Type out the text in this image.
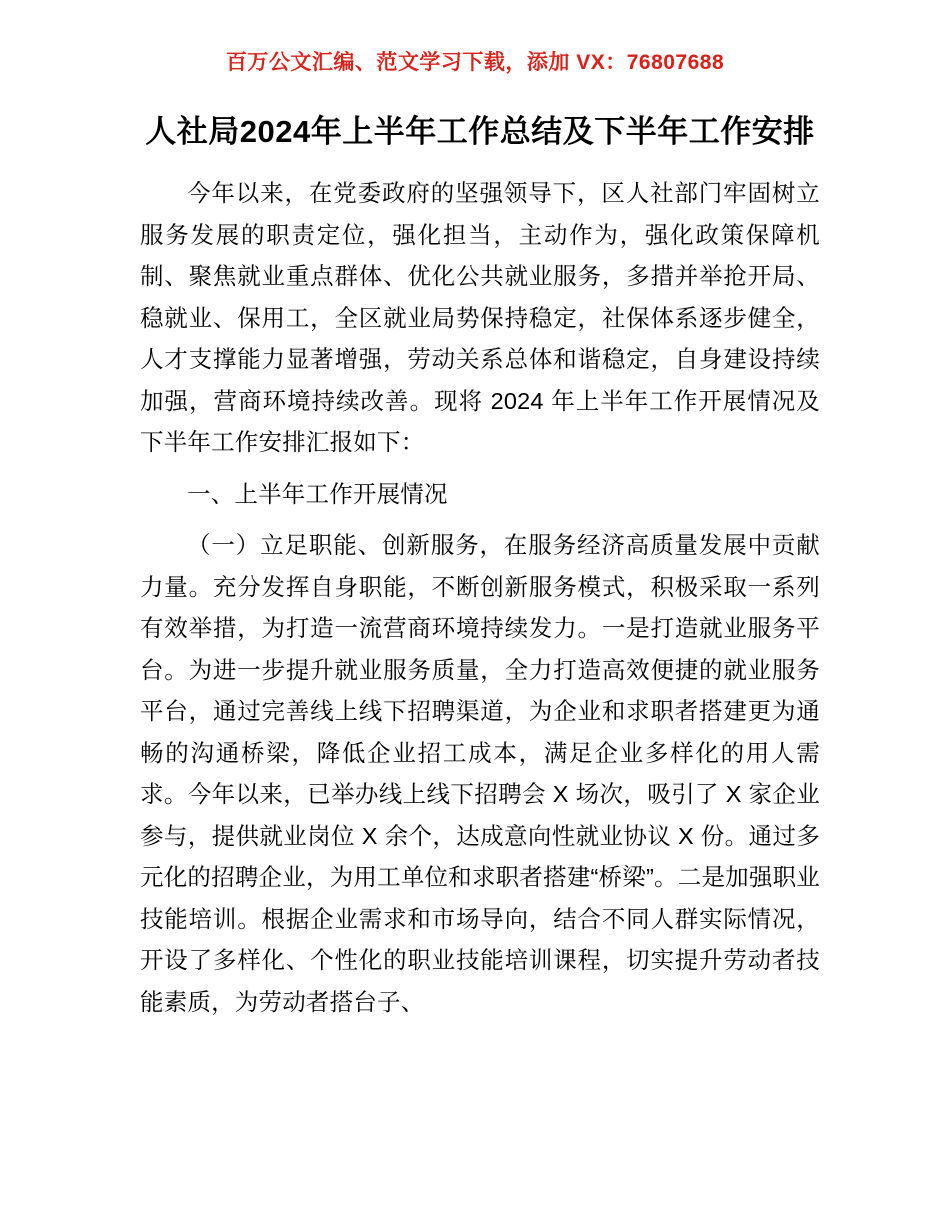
百万公文汇编、范文学习下载，添加 VX：76807688
人社局2024年上半年工作总结及下半年工作安排

今年以来，在党委政府的坚强领导下，区人社部门牢固树立服务发展的职责定位，强化担当，主动作为，强化政策保障机制、聚焦就业重点群体、优化公共就业服务，多措并举抢开局、稳就业、保用工，全区就业局势保持稳定，社保体系逐步健全，人才支撑能力显著增强，劳动关系总体和谐稳定，自身建设持续加强，营商环境持续改善。现将 2024 年上半年工作开展情况及下半年工作安排汇报如下：

一、上半年工作开展情况

（一）立足职能、创新服务，在服务经济高质量发展中贡献力量。充分发挥自身职能，不断创新服务模式，积极采取一系列有效举措，为打造一流营商环境持续发力。一是打造就业服务平台。为进一步提升就业服务质量，全力打造高效便捷的就业服务平台，通过完善线上线下招聘渠道，为企业和求职者搭建更为通畅的沟通桥梁，降低企业招工成本，满足企业多样化的用人需求。今年以来，已举办线上线下招聘会 X 场次，吸引了 X 家企业参与，提供就业岗位 X 余个，达成意向性就业协议 X 份。通过多元化的招聘企业，为用工单位和求职者搭建“桥梁”。二是加强职业技能培训。根据企业需求和市场导向，结合不同人群实际情况，开设了多样化、个性化的职业技能培训课程，切实提升劳动者技能素质，为劳动者搭台子、
